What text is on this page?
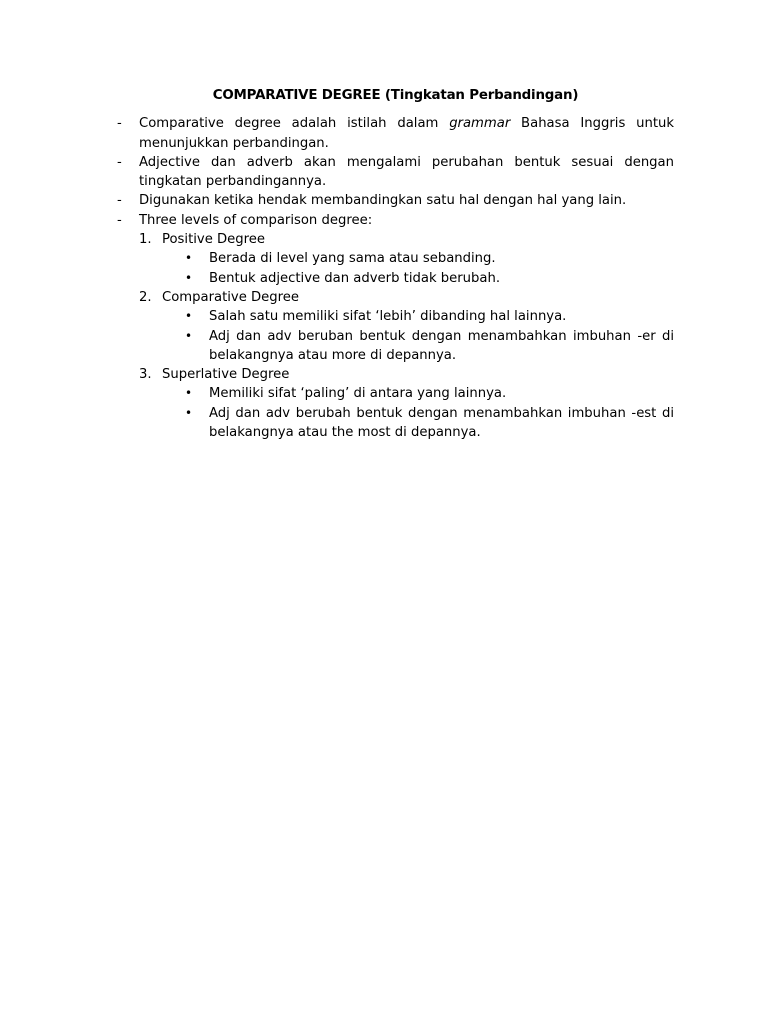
COMPARATIVE DEGREE (Tingkatan Perbandingan)
- Comparative degree adalah istilah dalam grammar Bahasa Inggris untuk menunjukkan perbandingan.
- Adjective dan adverb akan mengalami perubahan bentuk sesuai dengan tingkatan perbandingannya.
- Digunakan ketika hendak membandingkan satu hal dengan hal yang lain.
- Three levels of comparison degree:
1. Positive Degree
• Berada di level yang sama atau sebanding.
• Bentuk adjective dan adverb tidak berubah.
2. Comparative Degree
• Salah satu memiliki sifat ‘lebih’ dibanding hal lainnya.
• Adj dan adv beruban bentuk dengan menambahkan imbuhan -er di belakangnya atau more di depannya.
3. Superlative Degree
• Memiliki sifat ‘paling’ di antara yang lainnya.
• Adj dan adv berubah bentuk dengan menambahkan imbuhan -est di belakangnya atau the most di depannya.
